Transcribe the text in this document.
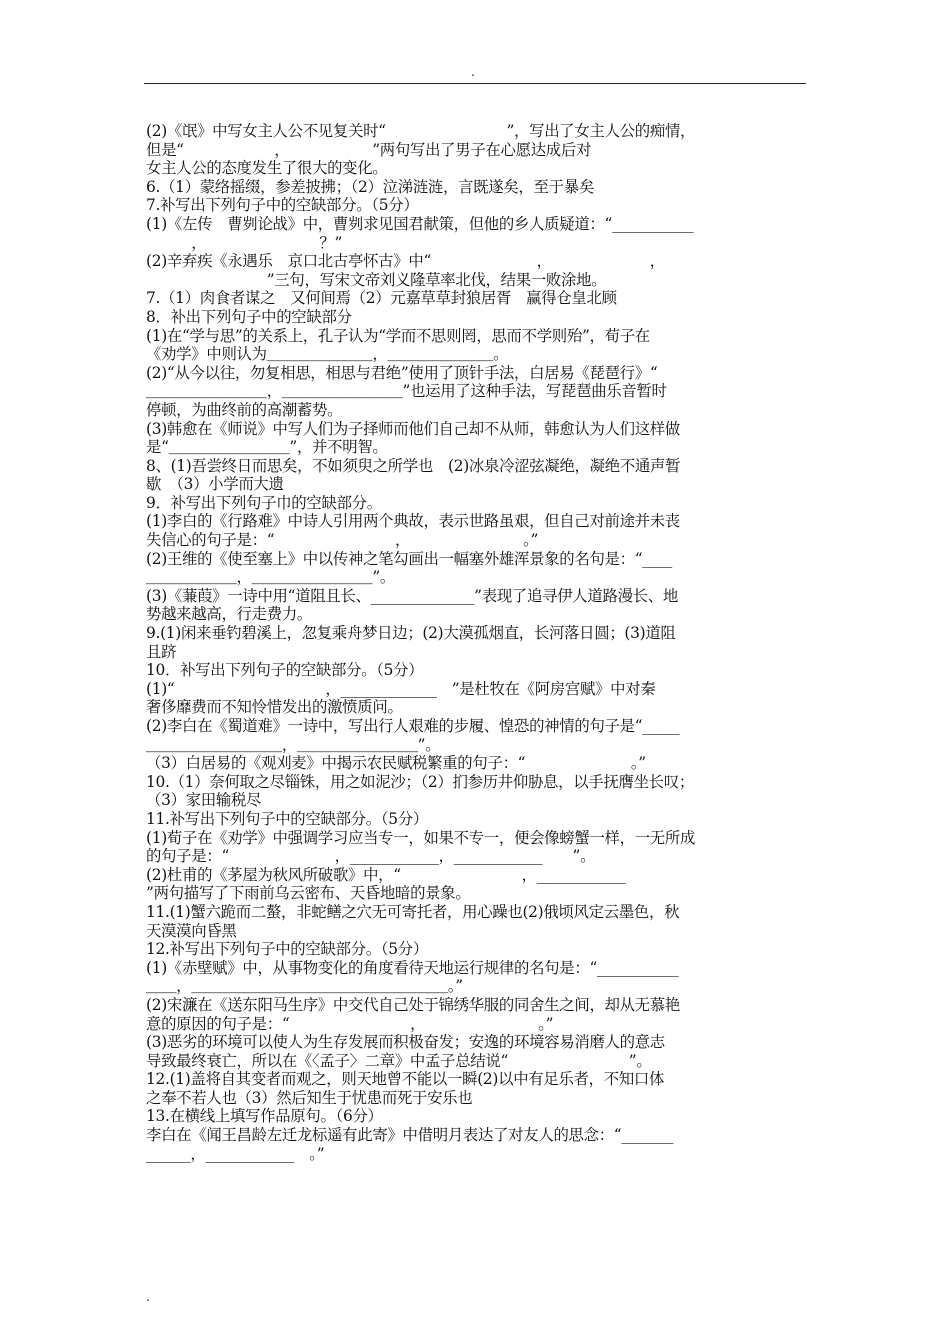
.
(2)《氓》中写女主人公不见复关时“　　　　　　　　”，写出了女主人公的痴情，
但是“　　　　　　，　　　　　　”两句写出了男子在心愿达成后对
女主人公的态度发生了很大的变化。
6.（1）蒙络摇缀，参差披拂；（2）泣涕涟涟，言既遂矣，至于暴矣
7.补写出下列句子中的空缺部分。（5分）
(1)《左传　曹刿论战》中，曹刿求见国君献策，但他的乡人质疑道：“___________
　　　，　　　　　　　　？”
(2)辛弃疾《永遇乐　京口北古亭怀古》中“　　　　　　　，　　　　　　　，
　　　　　　　　”三句，写宋文帝刘义隆草率北伐，结果一败涂地。
7.（1）肉食者谋之　又何间焉（2）元嘉草草封狼居胥　赢得仓皇北顾
8．补出下列句子中的空缺部分
(1)在“学与思”的关系上，孔子认为“学而不思则罔，思而不学则殆”，荀子在
《劝学》中则认为＿＿＿＿＿＿＿，＿＿＿＿＿＿＿。
(2)“从今以往，勿复相思，相思与君绝”使用了顶针手法，白居易《琵琶行》“
＿＿＿＿＿＿＿＿，＿＿＿＿＿＿＿＿”也运用了这种手法，写琵琶曲乐音暂时
停顿，为曲终前的高潮蓄势。
(3)韩愈在《师说》中写人们为子择师而他们自己却不从师，韩愈认为人们这样做
是“＿＿＿＿＿＿＿＿”，并不明智。
8、(1)吾尝终日而思矣，不如须臾之所学也　(2)冰泉冷涩弦凝绝，凝绝不通声暂
歇　（3）小学而大遗
9．补写出下列句子巾的空缺部分。
(1)李白的《行路难》中诗人引用两个典故，表示世路虽艰，但自己对前途并未丧
失信心的句子是：“　　　　　　　　，　　　　　　　　。”
(2)王维的《使至塞上》中以传神之笔勾画出一幅塞外雄浑景象的名句是：“____
＿＿＿＿＿＿，＿＿＿＿＿＿＿＿”。
(3)《蒹葭》一诗中用“道阻且长、______________”表现了追寻伊人道路漫长、地
势越来越高，行走费力。
9.(1)闲来垂钓碧溪上，忽复乘舟梦日边；(2)大漠孤烟直，长河落日圆；(3)道阻
且跻
10．补写出下列句子的空缺部分。（5分）
(1)“　　　　　　　　　　，_____________　”是杜牧在《阿房宫赋》中对秦
奢侈靡费而不知怜惜发出的激愤质问。
(2)李白在《蜀道难》一诗中，写出行人艰难的步履、惶恐的神情的句子是“_____
＿＿＿＿＿＿＿＿＿，＿＿＿＿＿＿＿＿”。
（3）白居易的《观刈麦》中揭示农民赋税繁重的句子：“　　　　　　　。”
10.（1）奈何取之尽锱铢，用之如泥沙；（2）扪参历井仰胁息，以手抚膺坐长叹；
（3）家田输税尽
11.补写出下列句子中的空缺部分。（5分）
(1)荀子在《劝学》中强调学习应当专一，如果不专一，便会像螃蟹一样，一无所成
的句子是：“　　　　　　　，____________，____________　　”。
(2)杜甫的《茅屋为秋风所破歌》中，“　　　　　　　　，____________
”两句描写了下雨前乌云密布、天昏地暗的景象。
11.(1)蟹六跪而二螯，非蛇鳝之穴无可寄托者，用心躁也(2)俄顷风定云墨色，秋
天漠漠向昏黑
12.补写出下列句子中的空缺部分。（5分）
(1)《赤壁赋》中，从事物变化的角度看待天地运行规律的名句是：“___________
＿＿，＿＿＿＿＿＿＿＿＿＿＿＿＿＿＿＿＿。”
(2)宋濂在《送东阳马生序》中交代自己处于锦绣华服的同舍生之间，却从无慕艳
意的原因的句子是：“　　　　　　　　，　　　　　　　　。”
(3)恶劣的环境可以使人为生存发展而积极奋发；安逸的环境容易消磨人的意志
导致最终衰亡，所以在《〈孟子〉二章》中孟子总结说“　　　　　　　　”。
12.(1)盖将自其变者而观之，则天地曾不能以一瞬(2)以中有足乐者，不知口体
之奉不若人也（3）然后知生于忧患而死于安乐也
13.在横线上填写作品原句。（6分）
李白在《闻王昌龄左迁龙标遥有此寄》中借明月表达了对友人的思念：“_______
______，____________　。”
.
